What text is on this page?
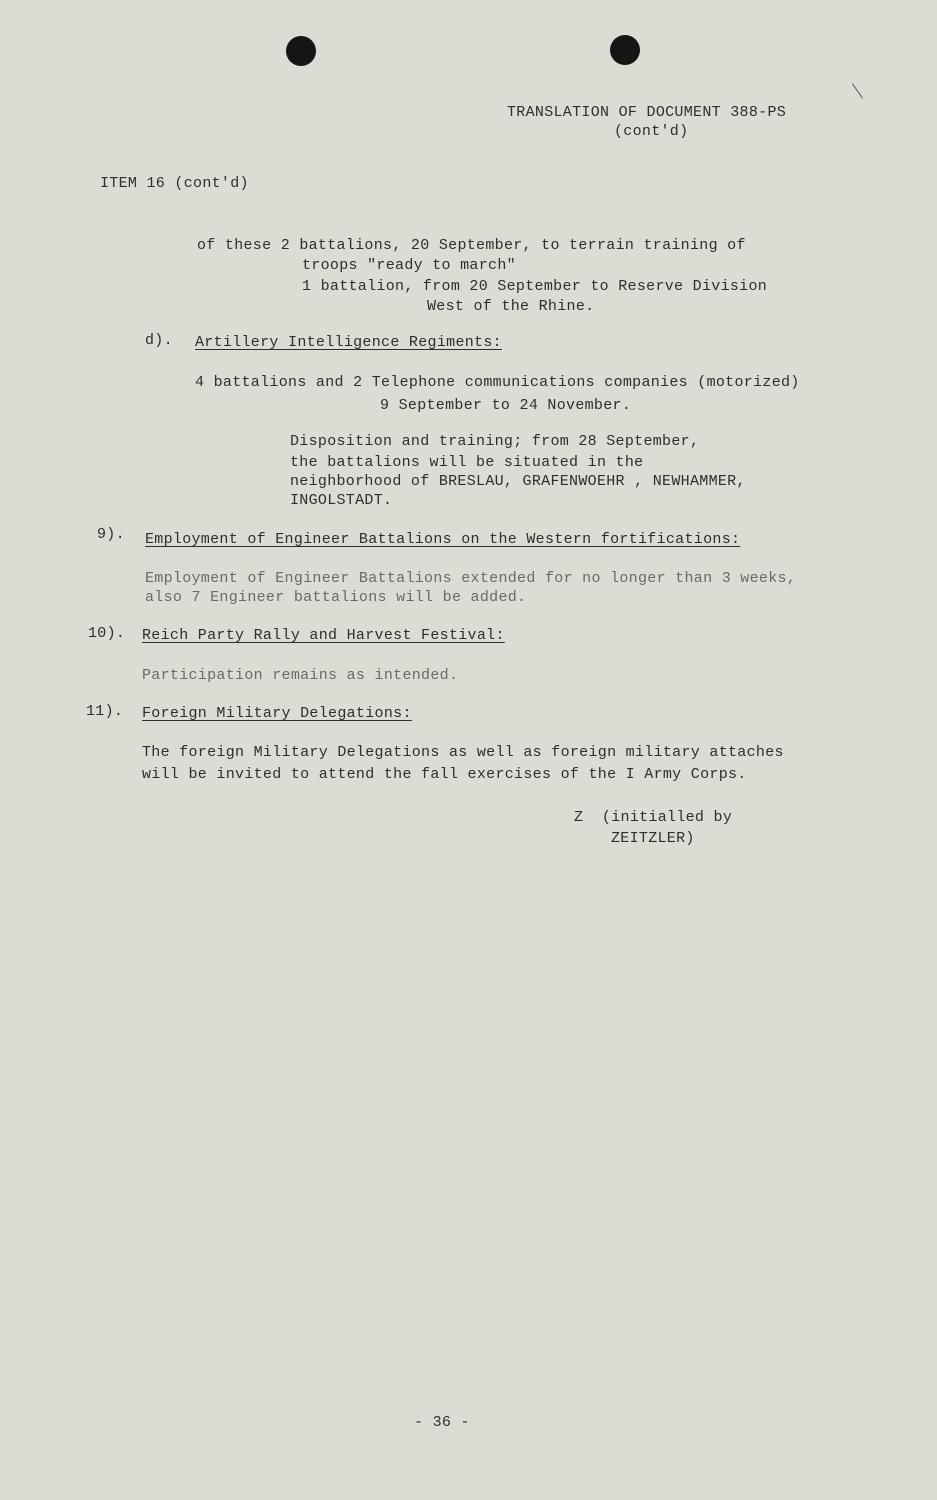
TRANSLATION OF DOCUMENT 388-PS
(cont'd)
ITEM 16 (cont'd)
of these 2 battalions, 20 September, to terrain training of
troops "ready to march"
1 battalion, from 20 September to Reserve Division
West of the Rhine.
d). Artillery Intelligence Regiments:
4 battalions and 2 Telephone communications companies (motorized)
9 September to 24 November.
Disposition and training; from 28 September,
the battalions will be situated in the
neighborhood of BRESLAU, GRAFENWOEHR , NEWHAMMER,
INGOLSTADT.
9). Employment of Engineer Battalions on the Western fortifications:
Employment of Engineer Battalions extended for no longer than 3 weeks,
also 7 Engineer battalions will be added.
10). Reich Party Rally and Harvest Festival:
Participation remains as intended.
11). Foreign Military Delegations:
The foreign Military Delegations as well as foreign military attaches
will be invited to attend the fall exercises of the I Army Corps.
Z  (initialled by
ZEITZLER)
- 36 -
